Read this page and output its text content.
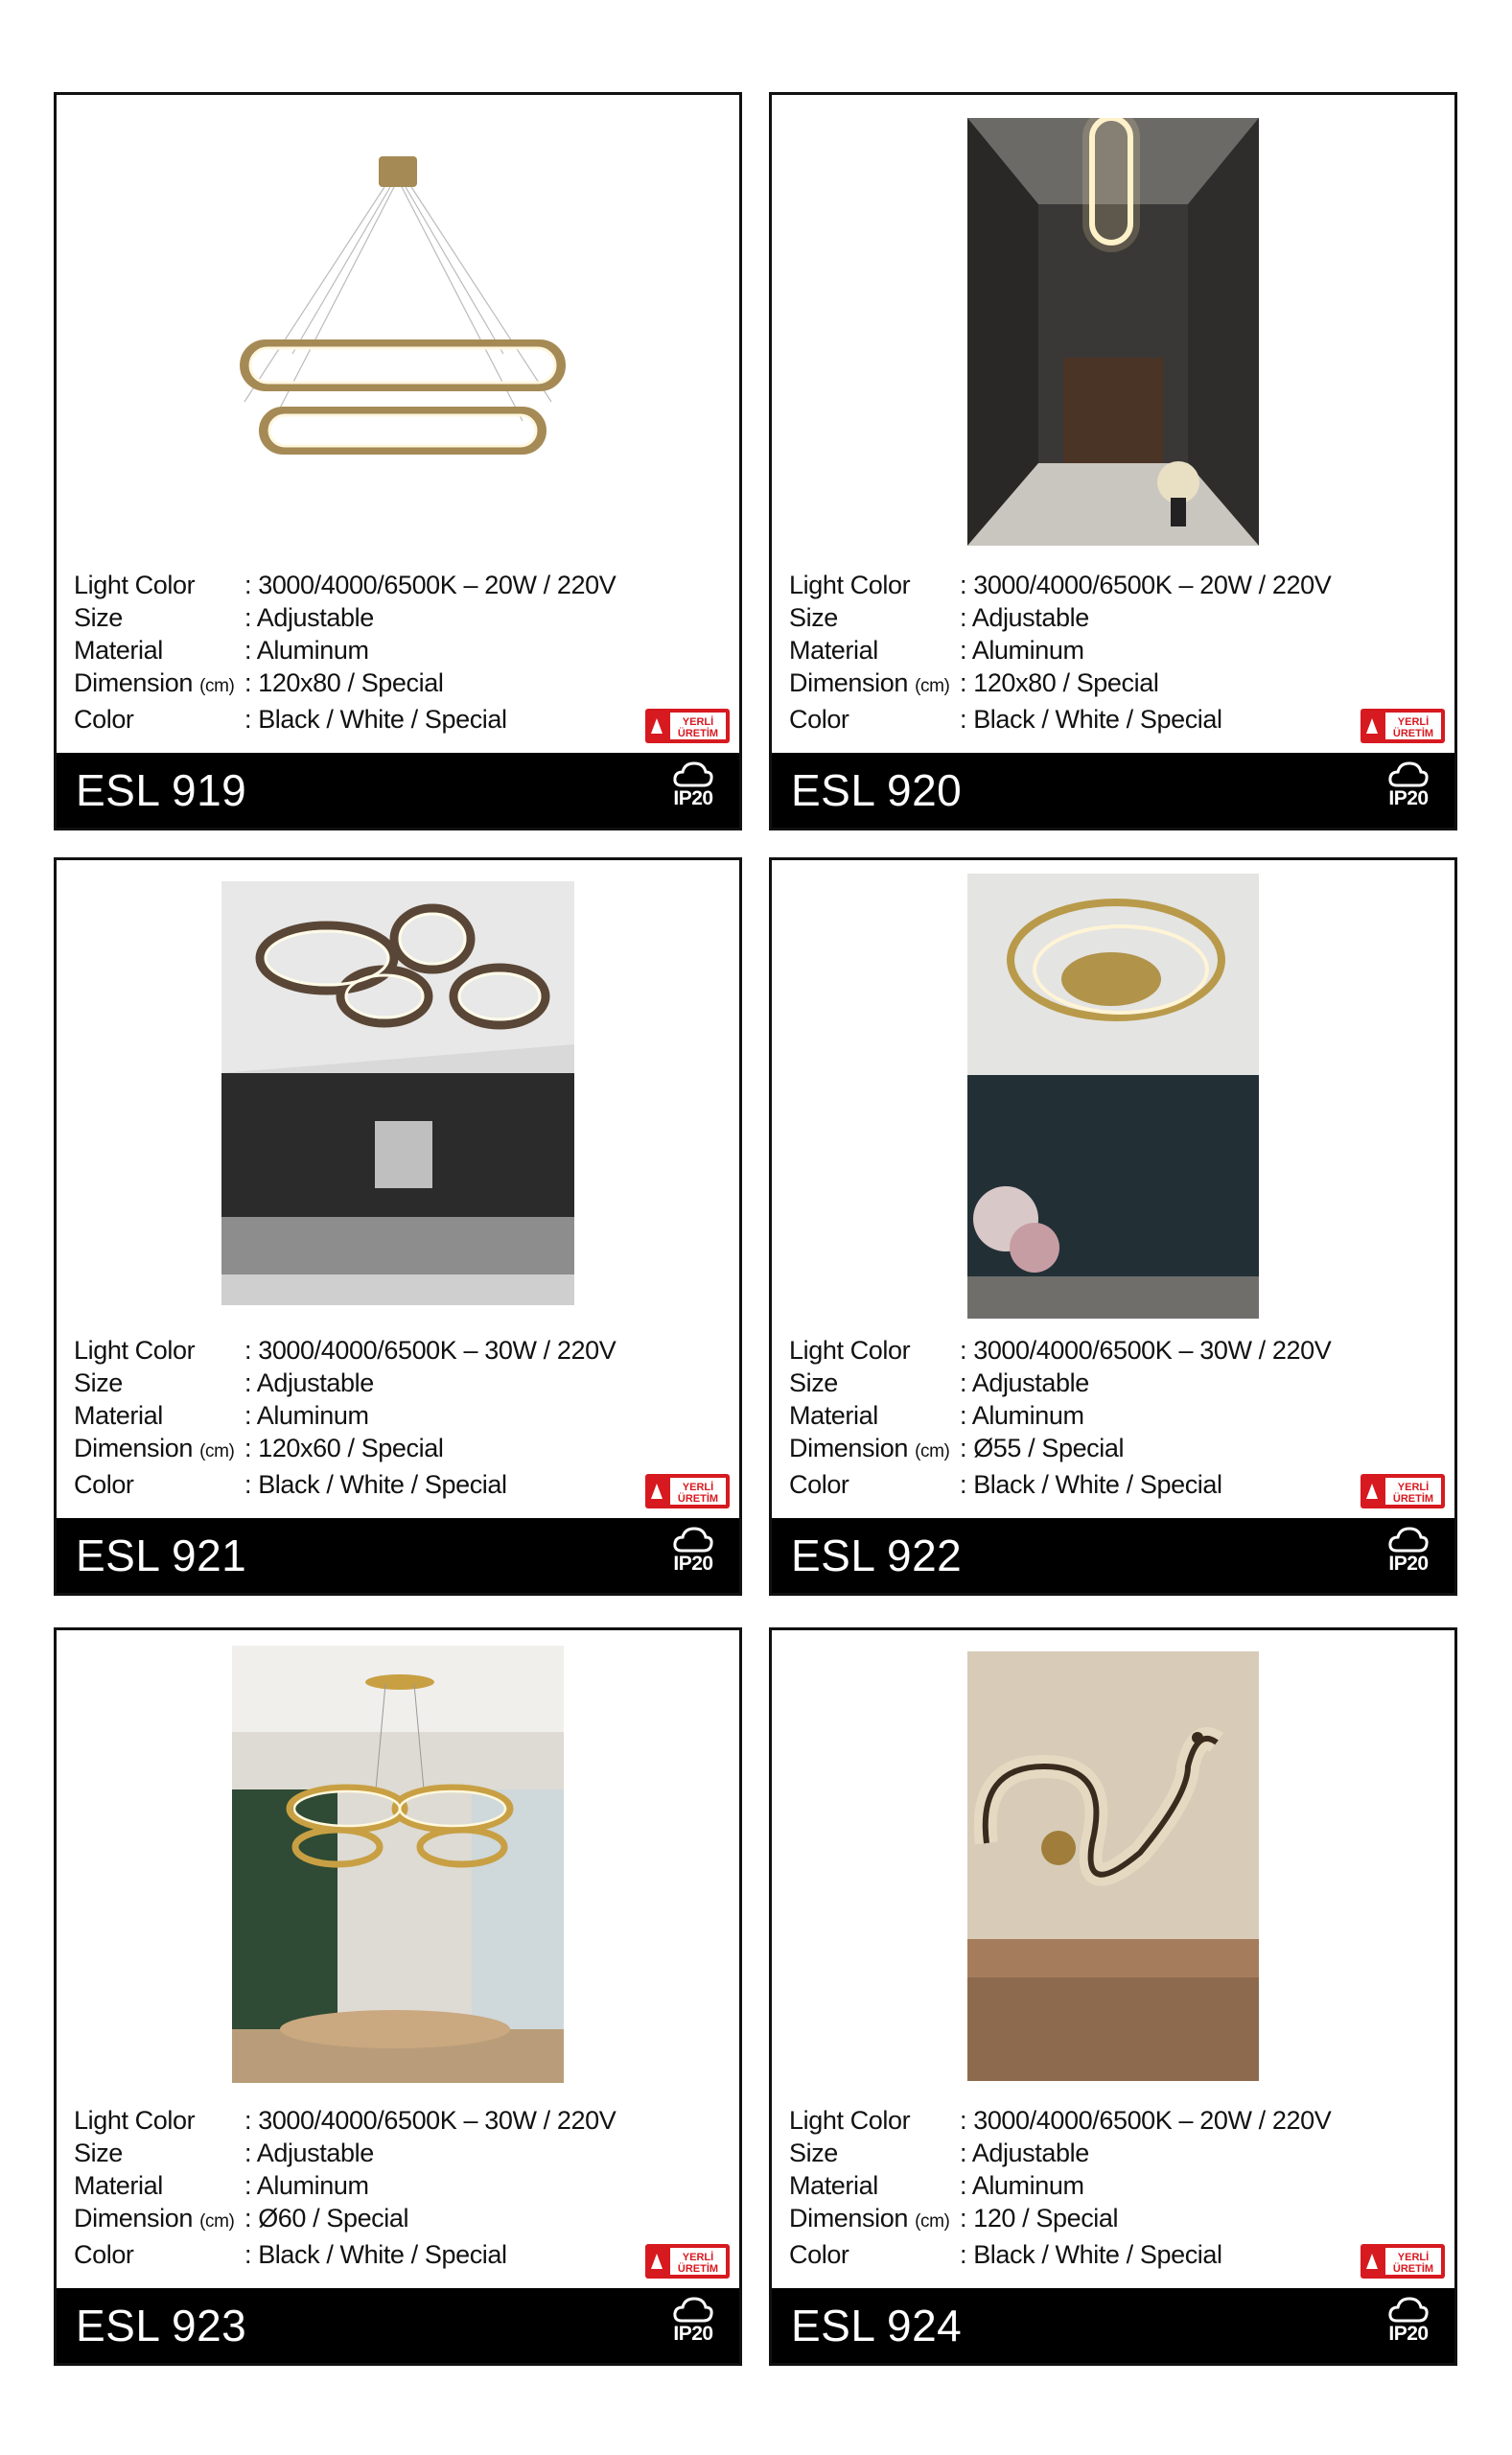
Light Color	: 3000/4000/6500K – 20W / 220V
Size	: Adjustable
Material	: Aluminum
Dimension (cm) : 120x80 / Special
Color	: Black / White / Special	YERLİ
ÜRETİM
ESL 919	IP20
Light Color	: 3000/4000/6500K – 20W / 220V
Size	: Adjustable
Material	: Aluminum
Dimension (cm) : 120x80 / Special
Color	: Black / White / Special	YERLİ
ÜRETİM
ESL 920	IP20
Light Color	: 3000/4000/6500K – 30W / 220V
Size	: Adjustable
Material	: Aluminum
Dimension (cm) : 120x60 / Special
Color	: Black / White / Special	YERLİ
ÜRETİM
ESL 921	IP20
Light Color	: 3000/4000/6500K – 30W / 220V
Size	: Adjustable
Material	: Aluminum
Dimension (cm) : Ø55 / Special
Color	: Black / White / Special	YERLİ
ÜRETİM
ESL 922	IP20
Light Color	: 3000/4000/6500K – 30W / 220V
Size	: Adjustable
Material	: Aluminum
Dimension (cm) : Ø60 / Special
Color	: Black / White / Special	YERLİ
ÜRETİM
ESL 923	IP20
Light Color	: 3000/4000/6500K – 20W / 220V
Size	: Adjustable
Material	: Aluminum
Dimension (cm) : 120 / Special
Color	: Black / White / Special	YERLİ
ÜRETİM
ESL 924	IP20
